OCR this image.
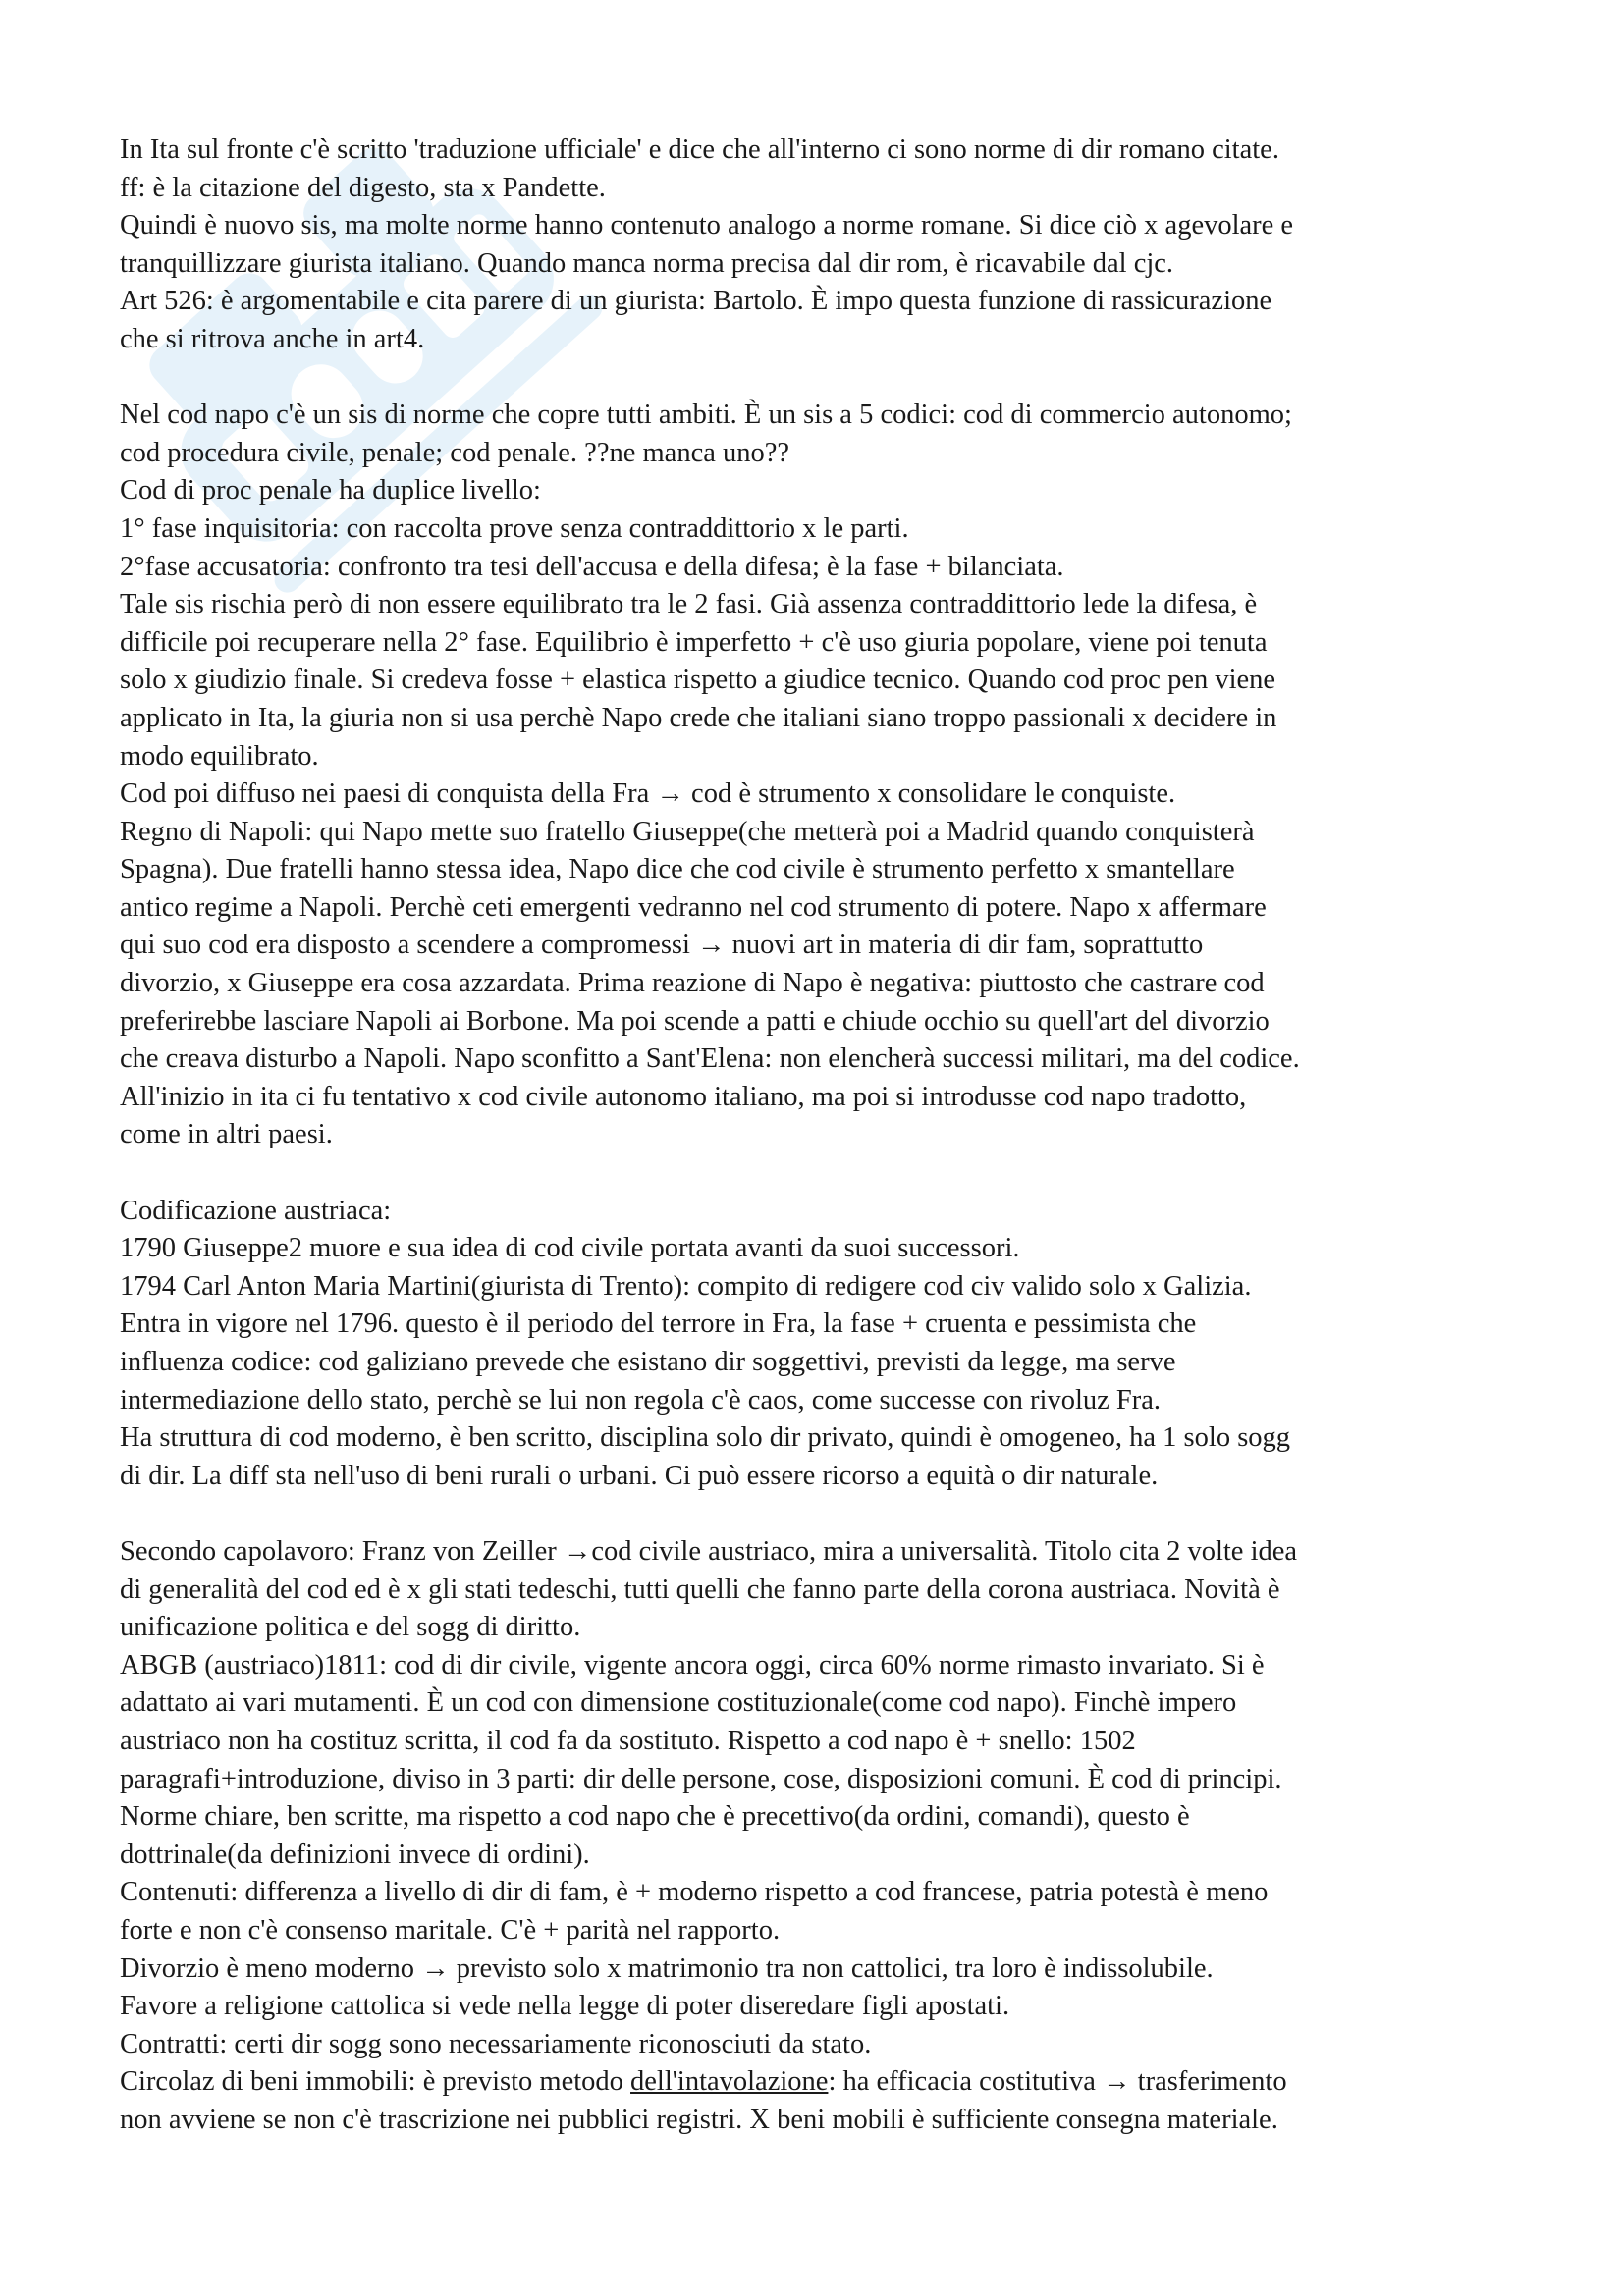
In Ita sul fronte c'è scritto 'traduzione ufficiale' e dice che all'interno ci sono norme di dir romano citate.

ff: è la citazione del digesto, sta x Pandette.

Quindi è nuovo sis, ma molte norme hanno contenuto analogo a norme romane. Si dice ciò x agevolare e

tranquillizzare giurista italiano. Quando manca norma precisa dal dir rom, è ricavabile dal cjc.

Art 526: è argomentabile e cita parere di un giurista: Bartolo. È impo questa funzione di rassicurazione

che si ritrova anche in art4.

Nel cod napo c'è un sis di norme che copre tutti ambiti. È un sis a 5 codici: cod di commercio autonomo;

cod procedura civile, penale; cod penale. ??ne manca uno??

Cod di proc penale ha duplice livello:

1° fase inquisitoria: con raccolta prove senza contraddittorio x le parti.

2°fase accusatoria: confronto tra tesi dell'accusa e della difesa; è la fase + bilanciata.

Tale sis rischia però di non essere equilibrato tra le 2 fasi. Già assenza contraddittorio lede la difesa, è

difficile poi recuperare nella 2° fase. Equilibrio è imperfetto + c'è uso giuria popolare, viene poi tenuta

solo x giudizio finale. Si credeva fosse + elastica rispetto a giudice tecnico. Quando cod proc pen viene

applicato in Ita, la giuria non si usa perchè Napo crede che italiani siano troppo passionali x decidere in

modo equilibrato.

Cod poi diffuso nei paesi di conquista della Fra → cod è strumento x consolidare le conquiste.

Regno di Napoli: qui Napo mette suo fratello Giuseppe(che metterà poi a Madrid quando conquisterà

Spagna). Due fratelli hanno stessa idea, Napo dice che cod civile è strumento perfetto x smantellare

antico regime a Napoli. Perchè ceti emergenti vedranno nel cod strumento di potere. Napo x affermare

qui suo cod era disposto a scendere a compromessi → nuovi art in materia di dir fam, soprattutto

divorzio, x Giuseppe era cosa azzardata. Prima reazione di Napo è negativa: piuttosto che castrare cod

preferirebbe lasciare Napoli ai Borbone. Ma poi scende a patti e chiude occhio su quell'art del divorzio

che creava disturbo a Napoli. Napo sconfitto a Sant'Elena: non elencherà successi militari, ma del codice.

All'inizio in ita ci fu tentativo x cod civile autonomo italiano, ma poi si introdusse cod napo tradotto,

come in altri paesi.

Codificazione austriaca:

1790 Giuseppe2 muore e sua idea di cod civile portata avanti da suoi successori.

1794 Carl Anton Maria Martini(giurista di Trento): compito di redigere cod civ valido solo x Galizia.

Entra in vigore nel 1796. questo è il periodo del terrore in Fra, la fase + cruenta e pessimista che

influenza codice: cod galiziano prevede che esistano dir soggettivi, previsti da legge, ma serve

intermediazione dello stato, perchè se lui non regola c'è caos, come successe con rivoluz Fra.

Ha struttura di cod moderno, è ben scritto, disciplina solo dir privato, quindi è omogeneo, ha 1 solo sogg

di dir. La diff sta nell'uso di beni rurali o urbani. Ci può essere ricorso a equità o dir naturale.

Secondo capolavoro: Franz von Zeiller →cod civile austriaco, mira a universalità. Titolo cita 2 volte idea

di generalità del cod ed è x gli stati tedeschi, tutti quelli che fanno parte della corona austriaca. Novità è

unificazione politica e del sogg di diritto.

ABGB (austriaco)1811: cod di dir civile, vigente ancora oggi, circa 60% norme rimasto invariato. Si è

adattato ai vari mutamenti. È un cod con dimensione costituzionale(come cod napo). Finchè impero

austriaco non ha costituz scritta, il cod fa da sostituto. Rispetto a cod napo è + snello: 1502

paragrafi+introduzione, diviso in 3 parti: dir delle persone, cose, disposizioni comuni. È cod di principi.

Norme chiare, ben scritte, ma rispetto a cod napo che è precettivo(da ordini, comandi), questo è

dottrinale(da definizioni invece di ordini).

Contenuti: differenza a livello di dir di fam, è + moderno rispetto a cod francese, patria potestà è meno

forte e non c'è consenso maritale. C'è + parità nel rapporto.

Divorzio è meno moderno → previsto solo x matrimonio tra non cattolici, tra loro è indissolubile.

Favore a religione cattolica si vede nella legge di poter diseredare figli apostati.

Contratti: certi dir sogg sono necessariamente riconosciuti da stato.

Circolaz di beni immobili: è previsto metodo dell'intavolazione: ha efficacia costitutiva → trasferimento

non avviene se non c'è trascrizione nei pubblici registri. X beni mobili è sufficiente consegna materiale.
